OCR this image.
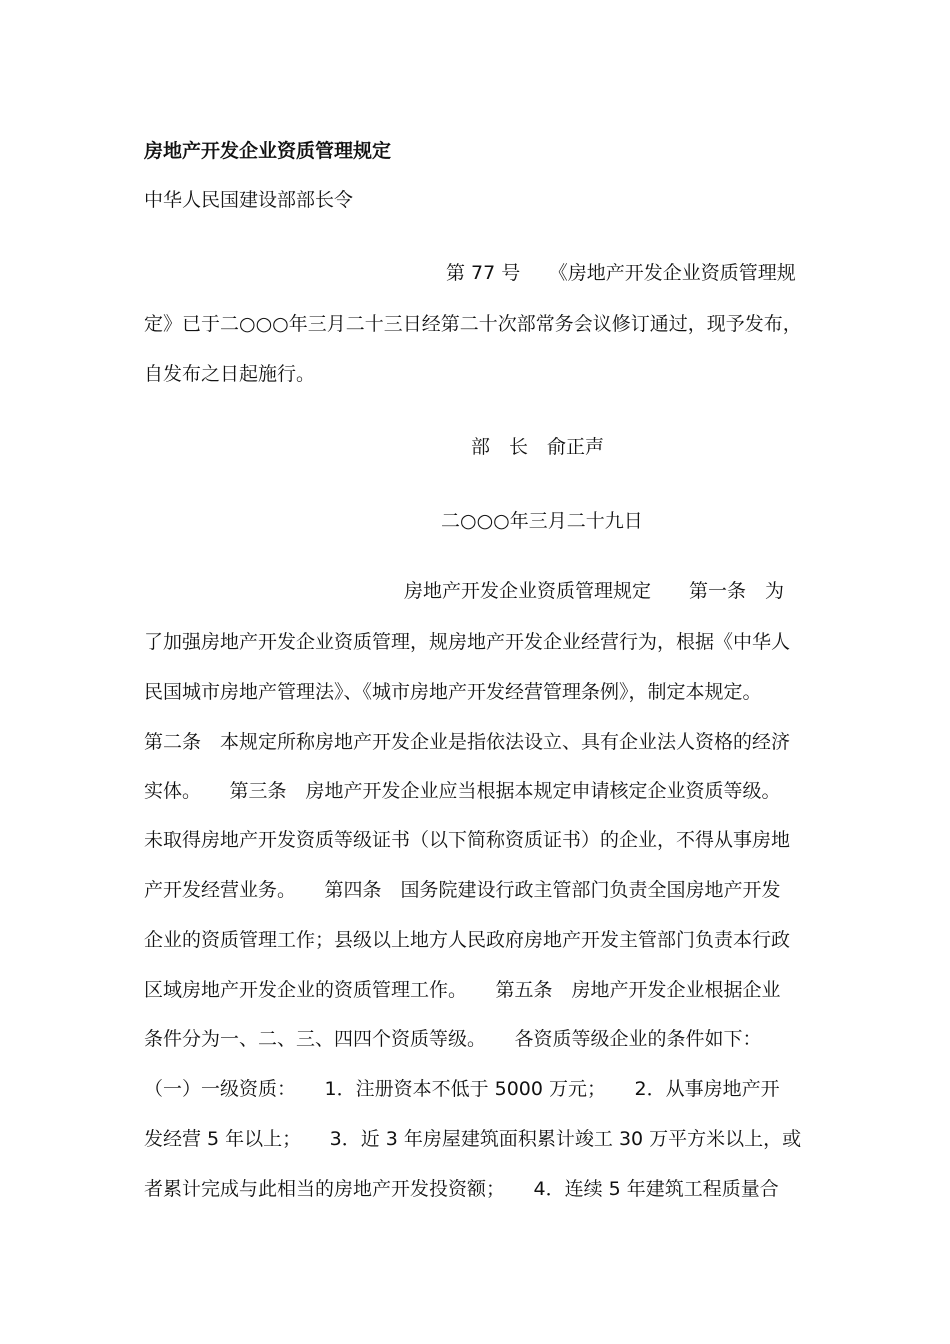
房地产开发企业资质管理规定
中华人民国建设部部长令
第 77 号　　《房地产开发企业资质管理规
定》已于二○○○年三月二十三日经第二十次部常务会议修订通过，现予发布，
自发布之日起施行。
部　长　俞正声
二○○○年三月二十九日
房地产开发企业资质管理规定　　第一条　为
了加强房地产开发企业资质管理，规房地产开发企业经营行为，根据《中华人
民国城市房地产管理法》、《城市房地产开发经营管理条例》，制定本规定。
第二条　本规定所称房地产开发企业是指依法设立、具有企业法人资格的经济
实体。　　第三条　房地产开发企业应当根据本规定申请核定企业资质等级。
未取得房地产开发资质等级证书（以下简称资质证书）的企业，不得从事房地
产开发经营业务。　　第四条　国务院建设行政主管部门负责全国房地产开发
企业的资质管理工作；县级以上地方人民政府房地产开发主管部门负责本行政
区域房地产开发企业的资质管理工作。　　第五条　房地产开发企业根据企业
条件分为一、二、三、四四个资质等级。　　各资质等级企业的条件如下：
（一）一级资质：　　1．注册资本不低于 5000 万元；　　2．从事房地产开
发经营 5 年以上；　　3．近 3 年房屋建筑面积累计竣工 30 万平方米以上，或
者累计完成与此相当的房地产开发投资额；　　4．连续 5 年建筑工程质量合
